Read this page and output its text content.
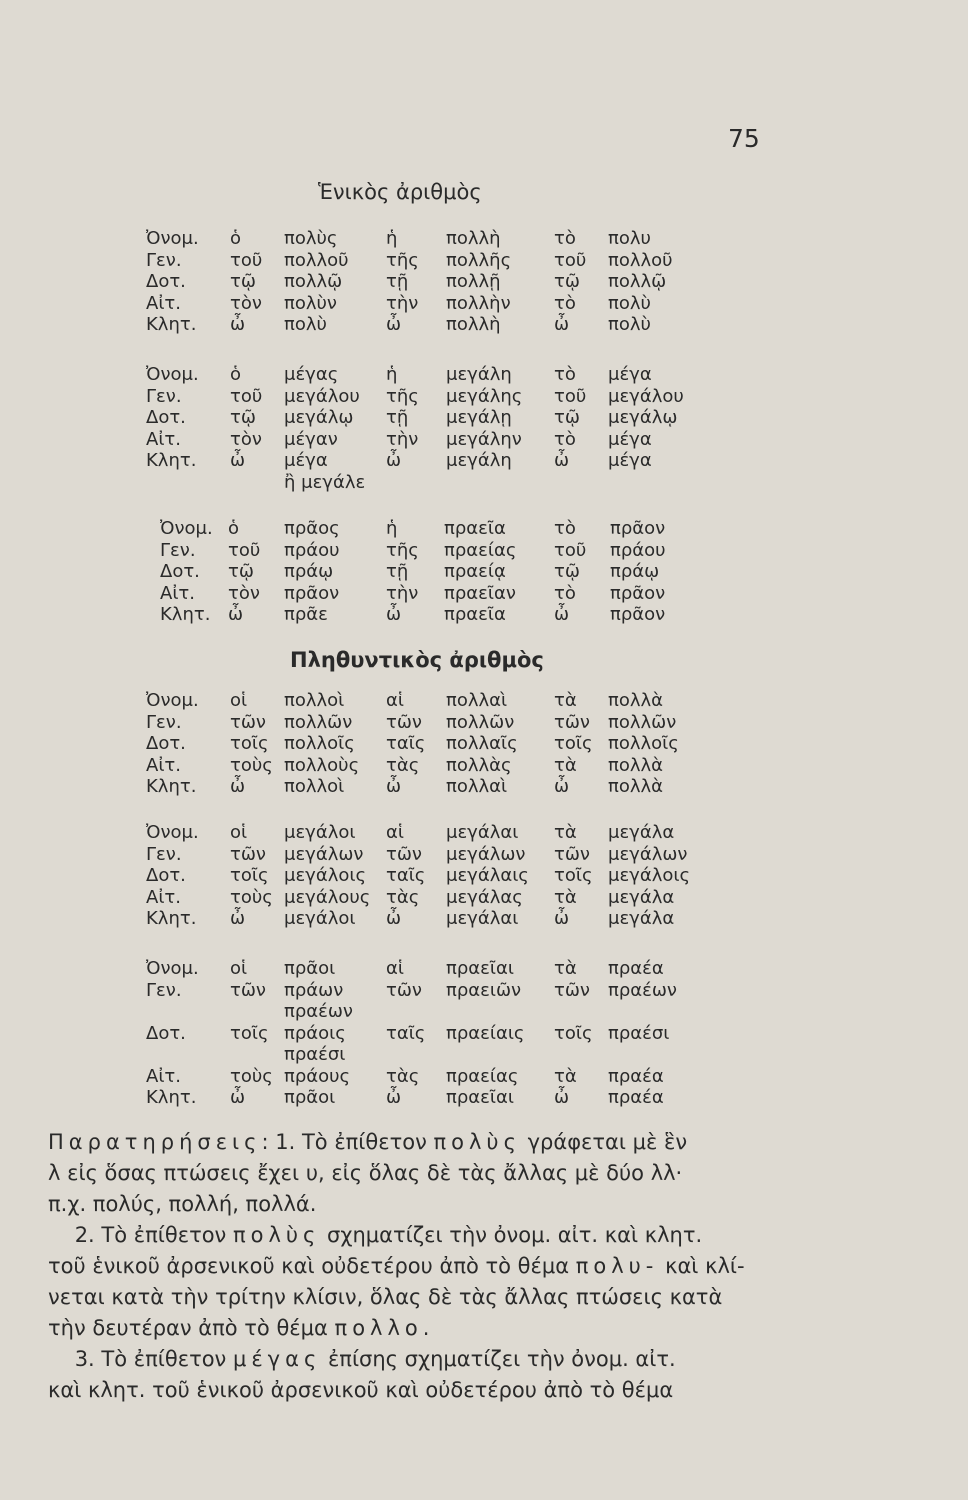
75
Ἑνικὸς ἀριθμὸς
Πληθυντικὸς ἀριθμὸς
Ὀνομ. ὁ πολὺς	ἡ	πολλὴ	τὸ πολυ
Γεν.	τοῦ πολλοῦ τῆς πολλῆς τοῦ πολλοῦ
Δοτ. τῷ πολλῷ τῇ πολλῇ	τῷ πολλῷ
Αἰτ.	τὸν πολὺν	τὴν πολλὴν τὸ πολὺ
Κλητ. ὦ πολὺ	ὦ πολλὴ	ὦ πολὺ
Ὀνομ. ὁ μέγας	ἡ	μεγάλη τὸ μέγα
Γεν.	τοῦ μεγάλου τῆς μεγάλης τοῦ μεγάλου
Δοτ. τῷ μεγάλῳ τῇ μεγάλῃ τῷ μεγάλῳ
Αἰτ.	τὸν μέγαν	τὴν μεγάλην τὸ μέγα
Κλητ. ὦ μέγα	ὦ μεγάλη ὦ μέγα
ἢ μεγάλε
Ὀνομ. ὁ πρᾶος	ἡ	πραεῖα	τὸ πρᾶον
Γεν. τοῦ πράου	τῆς πραείας τοῦ πράου
Δοτ. τῷ πράῳ	τῇ πραείᾳ	τῷ πράῳ
Αἰτ. τὸν πρᾶον	τὴν πραεῖαν τὸ πρᾶον
Κλητ. ὦ πρᾶε	ὦ πραεῖα	ὦ πρᾶον
Ὀνομ. οἱ πολλοὶ αἱ πολλαὶ	τὰ πολλὰ
Γεν.	τῶν πολλῶν τῶν πολλῶν τῶν πολλῶν
Δοτ. τοῖς πολλοῖς ταῖς πολλαῖς τοῖς πολλοῖς
Αἰτ.	τοὺς πολλοὺς τὰς πολλὰς τὰ πολλὰ
Κλητ. ὦ πολλοὶ ὦ πολλαὶ	ὦ πολλὰ
Ὀνομ. οἱ μεγάλοι αἱ μεγάλαι τὰ μεγάλα
Γεν.	τῶν μεγάλων τῶν μεγάλων τῶν μεγάλων
Δοτ. τοῖς μεγάλοις ταῖς μεγάλαις τοῖς μεγάλοις
Αἰτ.	τοὺς μεγάλους τὰς μεγάλας τὰ μεγάλα
Κλητ. ὦ μεγάλοι ὦ μεγάλαι ὦ μεγάλα
Ὀνομ. οἱ πρᾶοι	αἱ πραεῖαι τὰ πραέα
Γεν.	τῶν πράων τῶν πραειῶν τῶν πραέων
πραέων
Δοτ. τοῖς πράοις ταῖς πραείαις τοῖς πραέσι
πραέσι
Αἰτ.	τοὺς πράους τὰς πραείας τὰ πραέα
Κλητ. ὦ πρᾶοι	ὦ πραεῖαι ὦ πραέα
Παρατηρήσεις: 1. Τὸ ἐπίθετον πολὺς γράφεται μὲ ἓν
λ εἰς ὅσας πτώσεις ἔχει υ, εἰς ὅλας δὲ τὰς ἄλλας μὲ δύο λλ·
π.χ. πολύς, πολλή, πολλά.
2. Τὸ ἐπίθετον πολὺς σχηματίζει τὴν ὀνομ. αἰτ. καὶ κλητ.
τοῦ ἑνικοῦ ἀρσενικοῦ καὶ οὐδετέρου ἀπὸ τὸ θέμα πολυ- καὶ κλί-
νεται κατὰ τὴν τρίτην κλίσιν, ὅλας δὲ τὰς ἄλλας πτώσεις κατὰ
τὴν δευτέραν ἀπὸ τὸ θέμα πολλο.
3. Τὸ ἐπίθετον μέγας ἐπίσης σχηματίζει τὴν ὀνομ. αἰτ.
καὶ κλητ. τοῦ ἑνικοῦ ἀρσενικοῦ καὶ οὐδετέρου ἀπὸ τὸ θέμα
